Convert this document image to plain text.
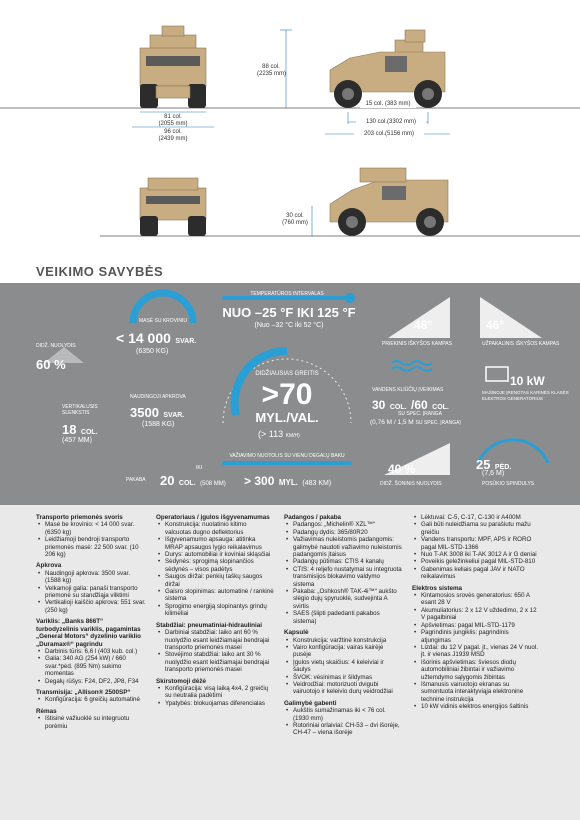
81 col.
(2055 mm)
96 col.
(2439 mm)
88 col.
(2235 mm)
15 col. (383 mm)
130 col.(3302 mm)
203 col.(5156 mm)
30 col.
(760 mm)
VEIKIMO SAVYBĖS
TEMPERATŪROS INTERVALAS
NUO –25 °F IKI 125 °F
(Nuo –32 °C iki 52 °C)
MASĖ SU KROVINIU
< 14 000 SVAR.
(6350 KG)
DIDŽ. NUOLYDIS
60 %
NAUDINGOJI APKROVA
3500 SVAR.
(1588 KG)
VERTIKALUSIS SLENKSTIS
18 COL.
(457 MM)
DIDŽIAUSIAS GREITIS
>70
MYL./VAL.
(> 113 KM/H)
VAŽIAVIMO NUOTOLIS SU VIENU DEGALŲ BAKU
> 300 MYL. (483 KM)
PAKABA
IKI
20 COL. (508 MM)
48°
PRIEKINIS IŠKYŠOS KAMPAS
46°
UŽPAKALINIS IŠKYŠOS KAMPAS
VANDENS KLIŪČIŲ ĮVEIKIMAS
30 COL. /60 COL.
SU SPEC. ĮRANGA
(0,76 M / 1,5 M SU SPEC. ĮRANGA)
10 kW
MAŠINOJE ĮRENGTAS KARINĖS KLASĖS ELEKTROS GENERATORIUS
40 %
DIDŽ. ŠONINIS NUOLYDIS
25 PĖD.
(7,6 M)
POSŪKIO SPINDULYS
Transporto priemonės svoris
• Masė be krovinio: < 14 000 svar. (6350 kg)
• Leidžiamoji bendroji transporto priemonės masė: 22 500 svar. (10 206 kg)
Apkrova
• Naudingoji apkrova: 3500 svar. (1588 kg)
• Velkamoji galia: panaši transporto priemonė su standžiąja vilktimi
• Vertikalioji kaiščio apkrova: 551 svar. (250 kg)
Variklis: „Banks 866T“ turbodyzelinis variklis, pagamintas „General Motors“ dyzelinio variklio „Duramax®“ pagrindu
• Darbinis tūris: 6,6 l (403 kub. col.)
• Galia: 340 AG (254 kW) / 660 svar.*pėd. (895 Nm) sukimo momentas
• Degalų rūšys: F24, DF2, JP8, F34
Transmisija: „Allison® 2500SP“
• Konfigūracija: 6 greičių automatinė
Rėmas
• Ištisinė važiuoklė su integruotu porėmiu
Operatoriaus / įgulos išgyvenamumas
• Konstrukcija: nuolatinio kitimo valcuotas dugno deflektorius
• Išgyvenamumo apsauga: atitinka MRAP apsaugos lygio reikalavimus
• Durys: automobiliai ir koviniai skląsčiai
• Sėdynės: sprogimą slopinančios sėdynės – visos padėtys
• Saugos diržai: penkių taškų saugos diržai
• Gaisro slopinimas: automatinė / rankinė sistema
• Sprogimo energiją slopinantys grindų kilimėliai
Stabdžiai: pneumatiniai-hidrauliniai
• Darbiniai stabdžiai: laiko ant 60 % nuolydžio esant leidžiamajai bendrajai transporto priemonės masei
• Stovėjimo stabdžiai: laiko ant 30 % nuolydžio esant leidžiamajai bendrajai transporto priemonės masei
Skirstomoji dėžė
• Konfigūracija: visą laiką 4x4, 2 greičių su neutralia padėtimi
• Ypatybės: blokuojamas diferencialas
Padangos / pakaba
• Padangos: „Michelin® XZL™“
• Padangų dydis: 365/80R20
• Važiavimas nuleistomis padangomis: galimybė naudoti važiavimo nuleistomis padangomis įtaisus
• Padangų pūtimas: CTIS 4 kanalų
• CTIS: 4 reljefo nustatymai su integruota transmisijos blokavimo valdymo sistema
• Pakaba: „Oshkosh® TAK-4i™“ aukšto slėgio dujų spyruoklė, sudvejinta A svirtis
• SAES (šlipti padedanti pakabos sistema)
Kapsulė
• Konstrukcija: varžtinė konstrukcija
• Vairo konfigūracija: vairas kairėje pusėje
• Įgulos vietų skaičius: 4 keleiviai ir šaulys
• ŠVOK: vėsinimas ir šildymas
• Veidrodžiai: motorizuoti dvigubi vairuotojo ir keleivio durų veidrodžiai
Galimybė gabenti
• Aukštis sumažinamas iki < 76 col. (1930 mm)
• Rotoriniai orlaiviai: CH-53 – dvi išorėje, CH-47 – viena išorėje
• Lėktuvai: C-5, C-17, C-130 ir A400M
• Gali būti nuleidžiama su parašiutu mažu greičiu
• Vandens transportu: MPF, APS ir RORO pagal MIL-STD-1366
• Nuo T-AK 3008 iki T-AK 3012 A ir G deniai
• Poveikis geležinkeliui pagal MIL-STD-810
• Gabenimas keliais pagal JAV ir NATO reikalavimus
Elektros sistema
• Kintamosios srovės generatorius: 650 A esant 28 V
• Akumuliatorius: 2 x 12 V uždedimo, 2 x 12 V pagalbiniai
• Apšvietimas: pagal MIL-STD-1179
• Pagrindinis jungiklis: pagrindinis atjungimas
• Lizdai: du 12 V pagal. jt., vienas 24 V nuol. jt. ir vienas J1939 MSD
• Išorinis apšvietimas: šviesos diodų automobiliniai žibintai ir važiavimo užtemdymo sąlygomis žibintas
• Išmanusis vairuotojo ekranas su sumontuota interaktyviąja elektronine technine instrukcija
• 10 kW vidinis elektros energijos šaltinis
